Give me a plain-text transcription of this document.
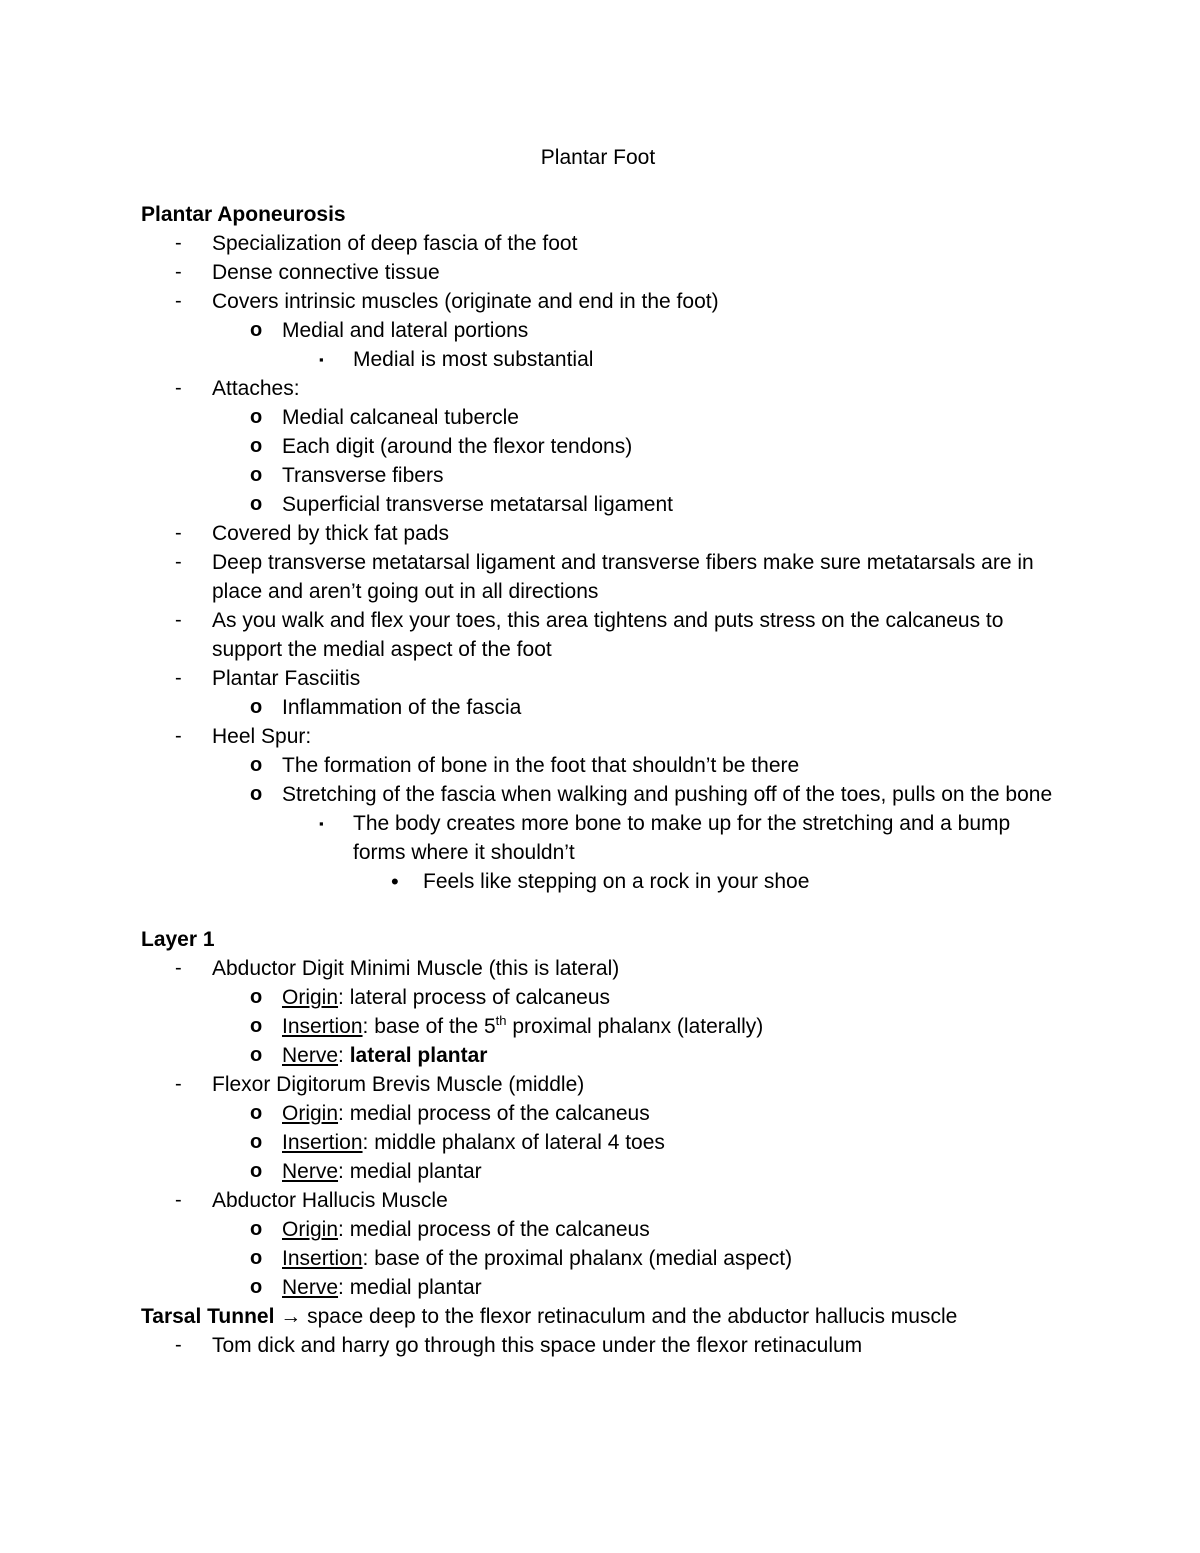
Plantar Foot
Plantar Aponeurosis
- Specialization of deep fascia of the foot
- Dense connective tissue
- Covers intrinsic muscles (originate and end in the foot)
o Medial and lateral portions
▪ Medial is most substantial
- Attaches:
o Medial calcaneal tubercle
o Each digit (around the flexor tendons)
o Transverse fibers
o Superficial transverse metatarsal ligament
- Covered by thick fat pads
- Deep transverse metatarsal ligament and transverse fibers make sure metatarsals are in place and aren’t going out in all directions
- As you walk and flex your toes, this area tightens and puts stress on the calcaneus to support the medial aspect of the foot
- Plantar Fasciitis
o Inflammation of the fascia
- Heel Spur:
o The formation of bone in the foot that shouldn’t be there
o Stretching of the fascia when walking and pushing off of the toes, pulls on the bone
▪ The body creates more bone to make up for the stretching and a bump forms where it shouldn’t
• Feels like stepping on a rock in your shoe
Layer 1
- Abductor Digit Minimi Muscle (this is lateral)
o Origin: lateral process of calcaneus
o Insertion: base of the 5th proximal phalanx (laterally)
o Nerve: lateral plantar
- Flexor Digitorum Brevis Muscle (middle)
o Origin: medial process of the calcaneus
o Insertion: middle phalanx of lateral 4 toes
o Nerve: medial plantar
- Abductor Hallucis Muscle
o Origin: medial process of the calcaneus
o Insertion: base of the proximal phalanx (medial aspect)
o Nerve: medial plantar
Tarsal Tunnel → space deep to the flexor retinaculum and the abductor hallucis muscle
- Tom dick and harry go through this space under the flexor retinaculum
